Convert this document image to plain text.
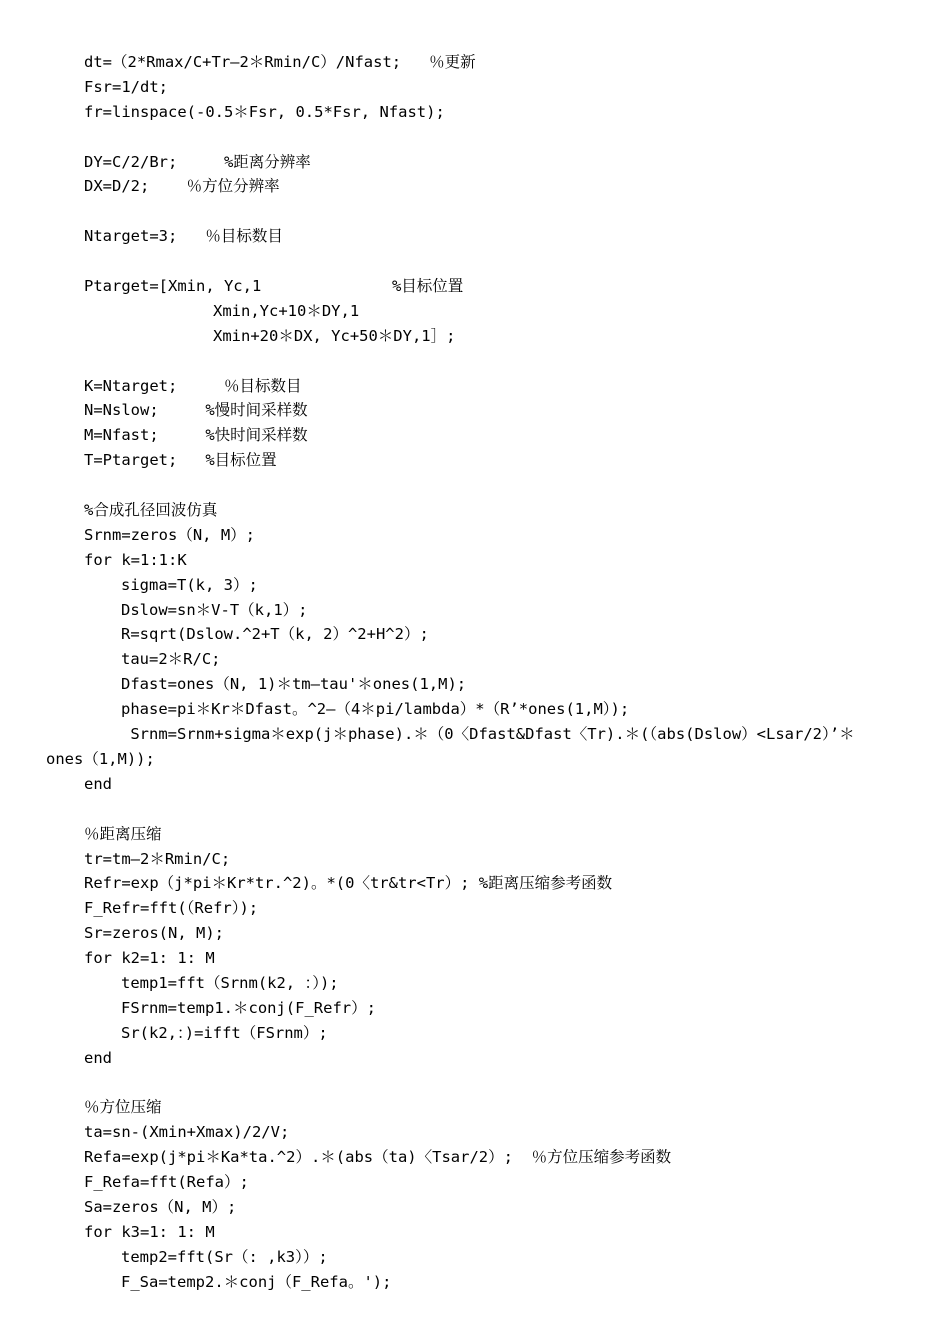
dt=（2*Rmax/C+Tr—2＊Rmin/C）/Nfast;   ％更新
Fsr=1/dt;
fr=linspace(-0.5＊Fsr, 0.5*Fsr, Nfast);
DY=C/2/Br;     %距离分辨率
DX=D/2;    ％方位分辨率
Ntarget=3;   ％目标数目
Ptarget=[Xmin, Yc,1              %目标位置
Xmin,Yc+10＊DY,1
Xmin+20＊DX, Yc+50＊DY,1］;
K=Ntarget;     ％目标数目
N=Nslow;     %慢时间采样数
M=Nfast;     %快时间采样数
T=Ptarget;   %目标位置
%合成孔径回波仿真
Srnm=zeros（N, M）;
for k=1:1:K
sigma=T(k, 3）;
Dslow=sn＊V-T（k,1）;
R=sqrt(Dslow.^2+T（k, 2）^2+H^2）;
tau=2＊R/C;
Dfast=ones（N, 1)＊tm—tau'＊ones(1,M);
phase=pi＊Kr＊Dfast。^2—（4＊pi/lambda）*（R’*ones(1,M）);
Srnm=Srnm+sigma＊exp(j＊phase).＊（0〈Dfast&Dfast〈Tr).＊(（abs(Dslow）<Lsar/2）’＊
ones（1,M));
end
％距离压缩
tr=tm—2＊Rmin/C;
Refr=exp（j*pi＊Kr*tr.^2)。*(0〈tr&tr<Tr）; %距离压缩参考函数
F_Refr=fft(（Refr）);
Sr=zeros(N, M);
for k2=1: 1: M
temp1=fft（Srnm(k2, ：）);
FSrnm=temp1.＊conj(F_Refr）;
Sr(k2,：)=ifft（FSrnm）;
end
％方位压缩
ta=sn-(Xmin+Xmax)/2/V;
Refa=exp(j*pi＊Ka*ta.^2）.＊(abs（ta)〈Tsar/2）;  ％方位压缩参考函数
F_Refa=fft(Refa）;
Sa=zeros（N, M）;
for k3=1: 1: M
temp2=fft(Sr（: ,k3））;
F_Sa=temp2.＊conj（F_Refa。');
